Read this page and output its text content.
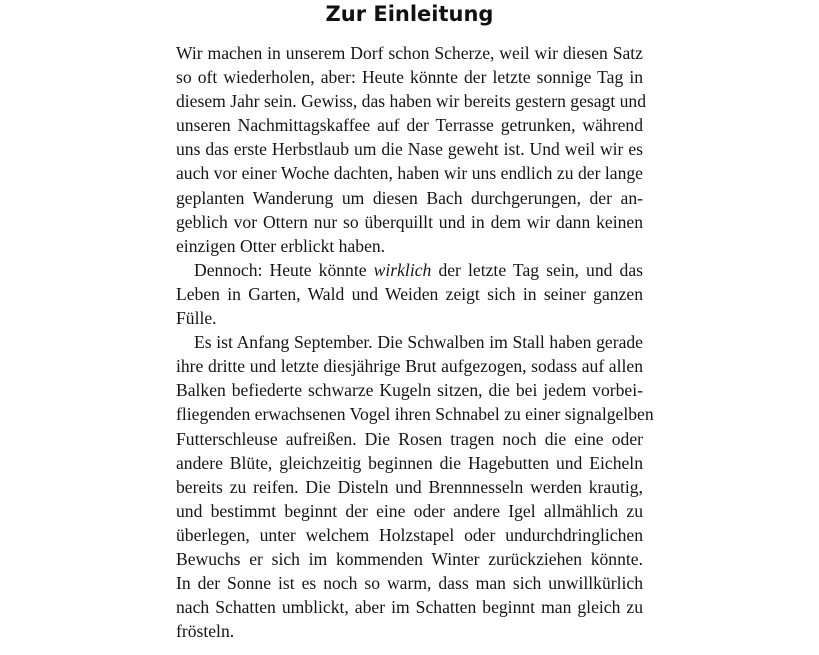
Zur Einleitung
Wir machen in unserem Dorf schon Scherze, weil wir diesen Satz
so oft wiederholen, aber: Heute könnte der letzte sonnige Tag in
diesem Jahr sein. Gewiss, das haben wir bereits gestern gesagt und
unseren Nachmittagskaffee auf der Terrasse getrunken, während
uns das erste Herbstlaub um die Nase geweht ist. Und weil wir es
auch vor einer Woche dachten, haben wir uns endlich zu der lange
geplanten Wanderung um diesen Bach durchgerungen, der an-
geblich vor Ottern nur so überquillt und in dem wir dann keinen
einzigen Otter erblickt haben.
Dennoch: Heute könnte wirklich der letzte Tag sein, und das
Leben in Garten, Wald und Weiden zeigt sich in seiner ganzen
Fülle.
Es ist Anfang September. Die Schwalben im Stall haben gerade
ihre dritte und letzte diesjährige Brut aufgezogen, sodass auf allen
Balken befiederte schwarze Kugeln sitzen, die bei jedem vorbei-
fliegenden erwachsenen Vogel ihren Schnabel zu einer signalgelben
Futterschleuse aufreißen. Die Rosen tragen noch die eine oder
andere Blüte, gleichzeitig beginnen die Hagebutten und Eicheln
bereits zu reifen. Die Disteln und Brennnesseln werden krautig,
und bestimmt beginnt der eine oder andere Igel allmählich zu
überlegen, unter welchem Holzstapel oder undurchdringlichen
Bewuchs er sich im kommenden Winter zurückziehen könnte.
In der Sonne ist es noch so warm, dass man sich unwillkürlich
nach Schatten umblickt, aber im Schatten beginnt man gleich zu
frösteln.
